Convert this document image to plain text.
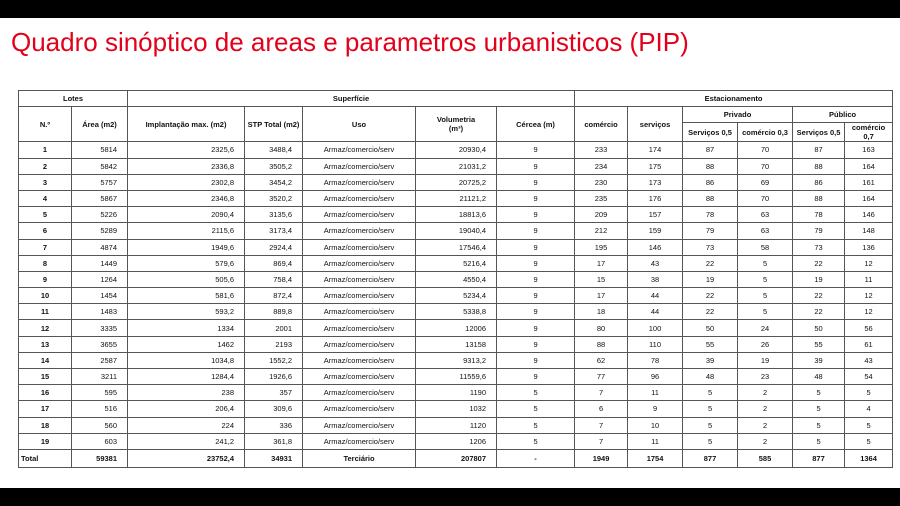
Quadro sinóptico de areas e parametros urbanisticos (PIP)
Lotes		Superfície					Estacionamento					
N.º	Área (m2)	Implantação max. (m2)	STP Total (m2)	Uso	Volumetria
(m³)	Cércea (m)	comércio	serviços	Privado		Público	
									Serviços 0,5	comércio 0,3	Serviços 0,5	comércio 0,7
1	5814	2325,6	3488,4	Armaz/comercio/serv	20930,4	9	233	174	87	70	87	163
2	5842	2336,8	3505,2	Armaz/comercio/serv	21031,2	9	234	175	88	70	88	164
3	5757	2302,8	3454,2	Armaz/comercio/serv	20725,2	9	230	173	86	69	86	161
4	5867	2346,8	3520,2	Armaz/comercio/serv	21121,2	9	235	176	88	70	88	164
5	5226	2090,4	3135,6	Armaz/comercio/serv	18813,6	9	209	157	78	63	78	146
6	5289	2115,6	3173,4	Armaz/comercio/serv	19040,4	9	212	159	79	63	79	148
7	4874	1949,6	2924,4	Armaz/comercio/serv	17546,4	9	195	146	73	58	73	136
8	1449	579,6	869,4	Armaz/comercio/serv	5216,4	9	17	43	22	5	22	12
9	1264	505,6	758,4	Armaz/comercio/serv	4550,4	9	15	38	19	5	19	11
10	1454	581,6	872,4	Armaz/comercio/serv	5234,4	9	17	44	22	5	22	12
11	1483	593,2	889,8	Armaz/comercio/serv	5338,8	9	18	44	22	5	22	12
12	3335	1334	2001	Armaz/comercio/serv	12006	9	80	100	50	24	50	56
13	3655	1462	2193	Armaz/comercio/serv	13158	9	88	110	55	26	55	61
14	2587	1034,8	1552,2	Armaz/comercio/serv	9313,2	9	62	78	39	19	39	43
15	3211	1284,4	1926,6	Armaz/comercio/serv	11559,6	9	77	96	48	23	48	54
16	595	238	357	Armaz/comercio/serv	1190	5	7	11	5	2	5	5
17	516	206,4	309,6	Armaz/comercio/serv	1032	5	6	9	5	2	5	4
18	560	224	336	Armaz/comercio/serv	1120	5	7	10	5	2	5	5
19	603	241,2	361,8	Armaz/comercio/serv	1206	5	7	11	5	2	5	5
Total	59381	23752,4	34931	Terciário	207807	-	1949	1754	877	585	877	1364
